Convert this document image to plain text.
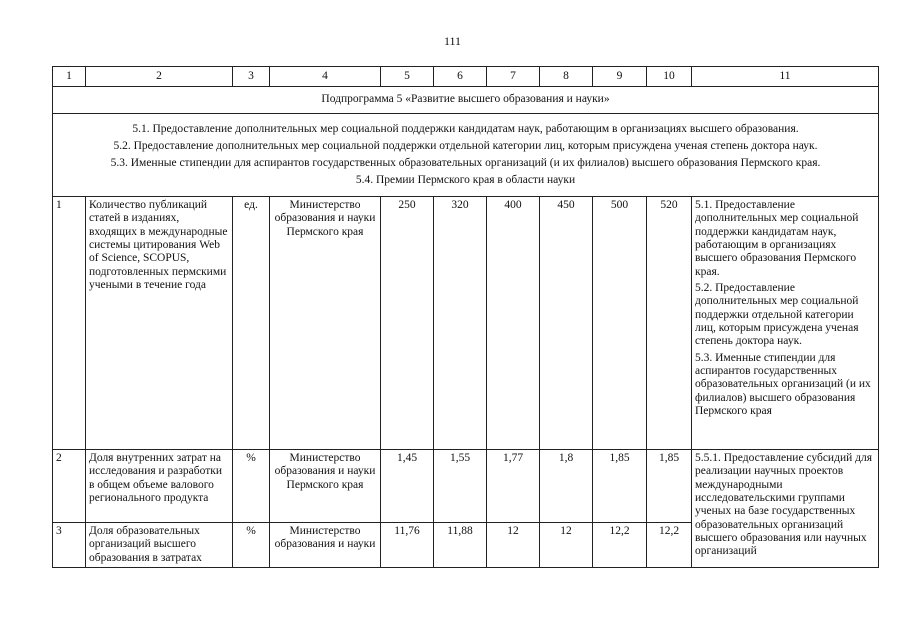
111
1	2	3	4	5	6	7	8	9	10	11
Подпрограмма 5 «Развитие высшего образования и науки»										

5.1. Предоставление дополнительных мер социальной поддержки кандидатам наук, работающим в организациях высшего образования.
5.2. Предоставление дополнительных мер социальной поддержки отдельной категории лиц, которым присуждена ученая степень доктора наук.
5.3. Именные стипендии для аспирантов государственных образовательных организаций (и их филиалов) высшего образования Пермского края.
5.4. Премии Пермского края в области науки										

1	Количество публикаций статей в изданиях, входящих в международные системы цитирования Web of Science, SCOPUS, подготовленных пермскими учеными в течение года	ед.	Министерство образования и науки Пермского края	250	320	400	450	500	520	5.1. Предоставление дополнительных мер социальной поддержки кандидатам наук, работающим в организациях высшего образования Пермского края.

5.2. Предоставление дополнительных мер социальной поддержки отдельной категории лиц, которым присуждена ученая степень доктора наук.

5.3. Именные стипендии для аспирантов государственных образовательных организаций (и их филиалов) высшего образования Пермского края

2	Доля внутренних затрат на исследования и разработки в общем объеме валового регионального продукта	%	Министерство образования и науки Пермского края	1,45	1,55	1,77	1,8	1,85	1,85	5.5.1. Предоставление субсидий для реализации научных проектов международными исследовательскими группами ученых на базе государственных образовательных организаций высшего образования или научных организаций

3	Доля образовательных организаций высшего образования в затратах	%	Министерство образования и науки	11,76	11,88	12	12	12,2	12,2	
